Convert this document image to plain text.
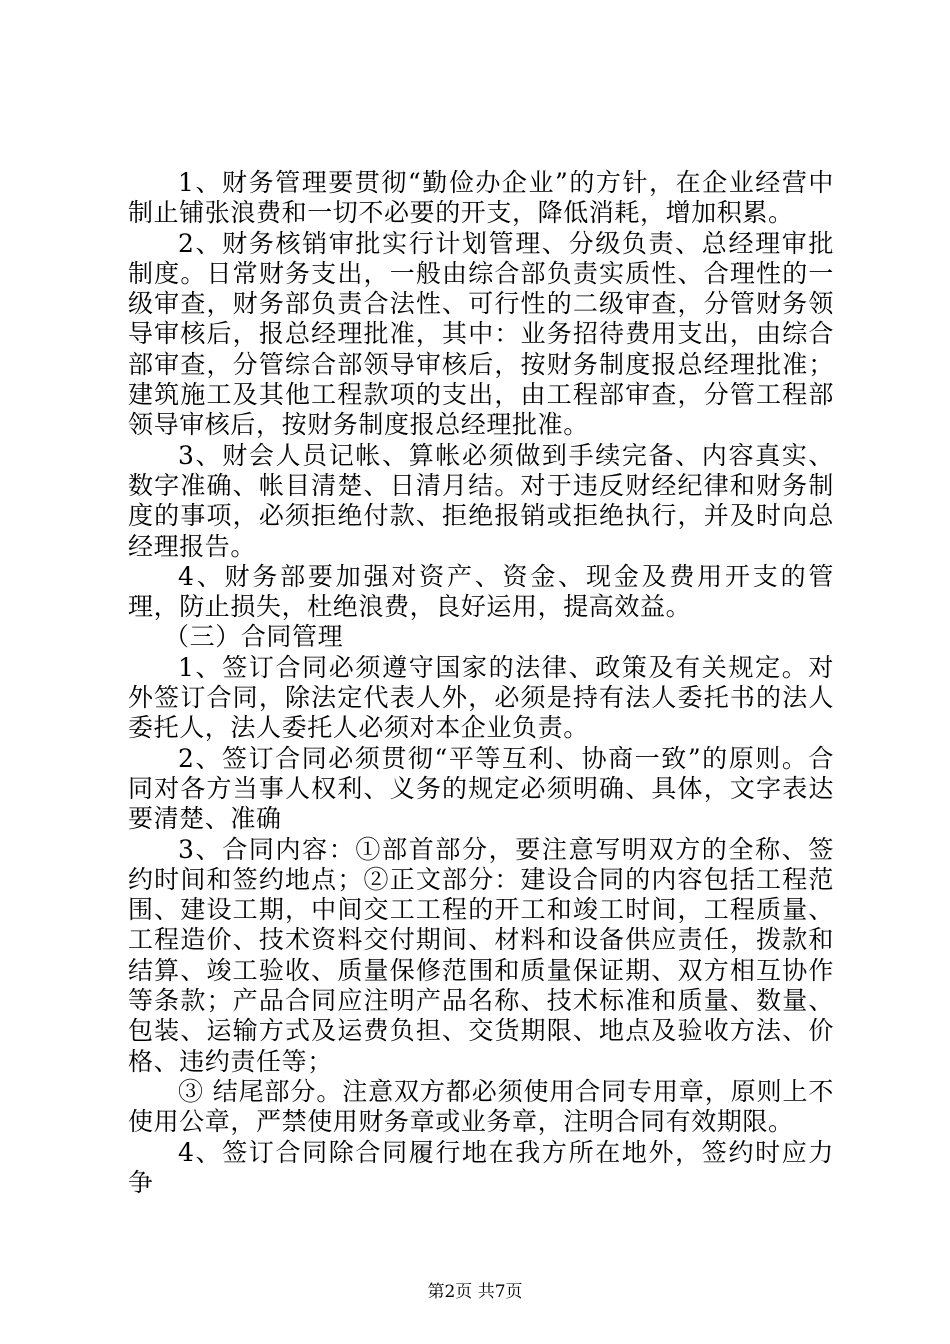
1、财务管理要贯彻“勤俭办企业”的方针，在企业经营中制止铺张浪费和一切不必要的开支，降低消耗，增加积累。

2、财务核销审批实行计划管理、分级负责、总经理审批制度。日常财务支出，一般由综合部负责实质性、合理性的一级审查，财务部负责合法性、可行性的二级审查，分管财务领导审核后，报总经理批准，其中：业务招待费用支出，由综合部审查，分管综合部领导审核后，按财务制度报总经理批准；建筑施工及其他工程款项的支出，由工程部审查，分管工程部领导审核后，按财务制度报总经理批准。

3、财会人员记帐、算帐必须做到手续完备、内容真实、数字准确、帐目清楚、日清月结。对于违反财经纪律和财务制度的事项，必须拒绝付款、拒绝报销或拒绝执行，并及时向总经理报告。

4、财务部要加强对资产、资金、现金及费用开支的管理，防止损失，杜绝浪费，良好运用，提高效益。

（三）合同管理

1、签订合同必须遵守国家的法律、政策及有关规定。对外签订合同，除法定代表人外，必须是持有法人委托书的法人委托人，法人委托人必须对本企业负责。

2、签订合同必须贯彻“平等互利、协商一致”的原则。合同对各方当事人权利、义务的规定必须明确、具体，文字表达要清楚、准确

3、合同内容：①部首部分，要注意写明双方的全称、签约时间和签约地点；②正文部分：建设合同的内容包括工程范围、建设工期，中间交工工程的开工和竣工时间，工程质量、工程造价、技术资料交付期间、材料和设备供应责任，拨款和结算、竣工验收、质量保修范围和质量保证期、双方相互协作等条款；产品合同应注明产品名称、技术标准和质量、数量、包装、运输方式及运费负担、交货期限、地点及验收方法、价格、违约责任等；

③ 结尾部分。注意双方都必须使用合同专用章，原则上不使用公章，严禁使用财务章或业务章，注明合同有效期限。

4、签订合同除合同履行地在我方所在地外，签约时应力争

第2页 共7页
